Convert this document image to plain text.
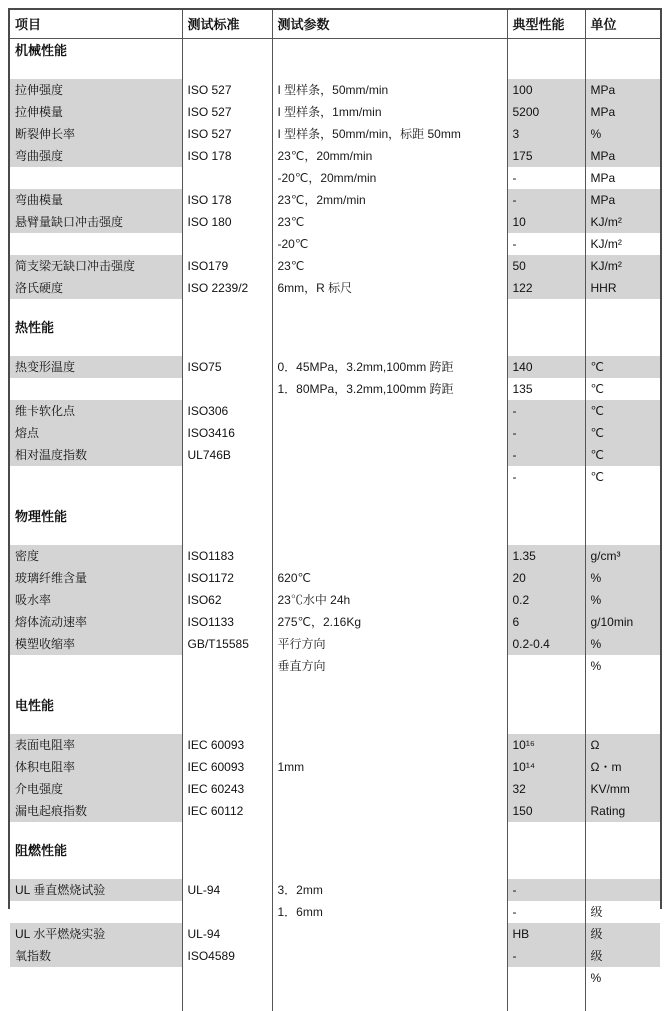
项目	测试标准	测试参数	典型性能	单位
机械性能				

拉伸强度	ISO 527	I 型样条，50mm/min	100	MPa
拉伸模量	ISO 527	I 型样条，1mm/min	5200	MPa
断裂伸长率	ISO 527	I 型样条，50mm/min，标距 50mm	3	%
弯曲强度	ISO 178	23℃，20mm/min	175	MPa
		-20℃，20mm/min	-	MPa
弯曲模量	ISO 178	23℃，2mm/min	-	MPa
悬臂量缺口冲击强度	ISO 180	23℃	10	KJ/m²
		-20℃	-	KJ/m²
简支梁无缺口冲击强度	ISO179	23℃	50	KJ/m²
洛氏硬度	ISO 2239/2	6mm，R 标尺	122	HHR

热性能				

热变形温度	ISO75	0．45MPa，3.2mm,100mm 跨距	140	℃
		1．80MPa，3.2mm,100mm 跨距	135	℃
维卡软化点	ISO306		-	℃
熔点	ISO3416		-	℃
相对温度指数	UL746B		-	℃
			-	℃

物理性能				

密度	ISO1183		1.35	g/cm³
玻璃纤维含量	ISO1172	620℃	20	%
吸水率	ISO62	23℃水中 24h	0.2	%
熔体流动速率	ISO1133	275℃，2.16Kg	6	g/10min
模塑收缩率	GB/T15585	平行方向	0.2-0.4	%
		垂直方向		%

电性能				

表面电阻率	IEC 60093		10¹⁶	Ω
体积电阻率	IEC 60093	1mm	10¹⁴	Ω・m
介电强度	IEC 60243		32	KV/mm
漏电起痕指数	IEC 60112		150	Rating

阻燃性能				

UL 垂直燃烧试验	UL-94	3．2mm	-	
		1．6mm	-	级
UL 水平燃烧实验	UL-94		HB	级
氧指数	ISO4589		-	级
				%
